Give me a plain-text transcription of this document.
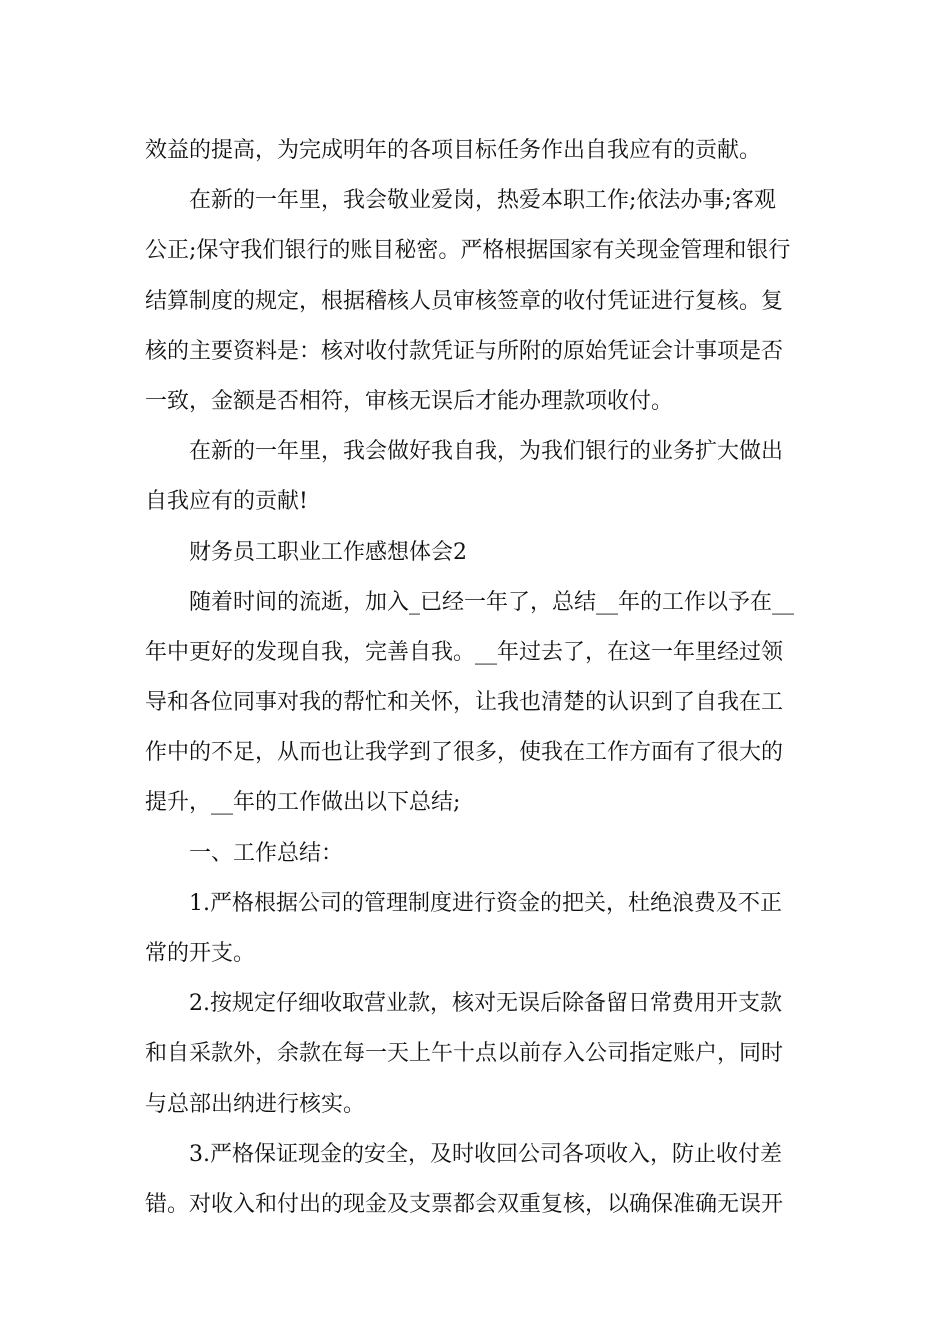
效益的提高，为完成明年的各项目标任务作出自我应有的贡献。
在新的一年里，我会敬业爱岗，热爱本职工作;依法办事;客观
公正;保守我们银行的账目秘密。严格根据国家有关现金管理和银行
结算制度的规定，根据稽核人员审核签章的收付凭证进行复核。复
核的主要资料是：核对收付款凭证与所附的原始凭证会计事项是否
一致，金额是否相符，审核无误后才能办理款项收付。
在新的一年里，我会做好我自我，为我们银行的业务扩大做出
自我应有的贡献!
财务员工职业工作感想体会2
随着时间的流逝，加入_已经一年了，总结__年的工作以予在__
年中更好的发现自我，完善自我。__年过去了，在这一年里经过领
导和各位同事对我的帮忙和关怀，让我也清楚的认识到了自我在工
作中的不足，从而也让我学到了很多，使我在工作方面有了很大的
提升，__年的工作做出以下总结;
一、工作总结：
1.严格根据公司的管理制度进行资金的把关，杜绝浪费及不正
常的开支。
2.按规定仔细收取营业款，核对无误后除备留日常费用开支款
和自采款外，余款在每一天上午十点以前存入公司指定账户，同时
与总部出纳进行核实。
3.严格保证现金的安全，及时收回公司各项收入，防止收付差
错。对收入和付出的现金及支票都会双重复核，以确保准确无误开
